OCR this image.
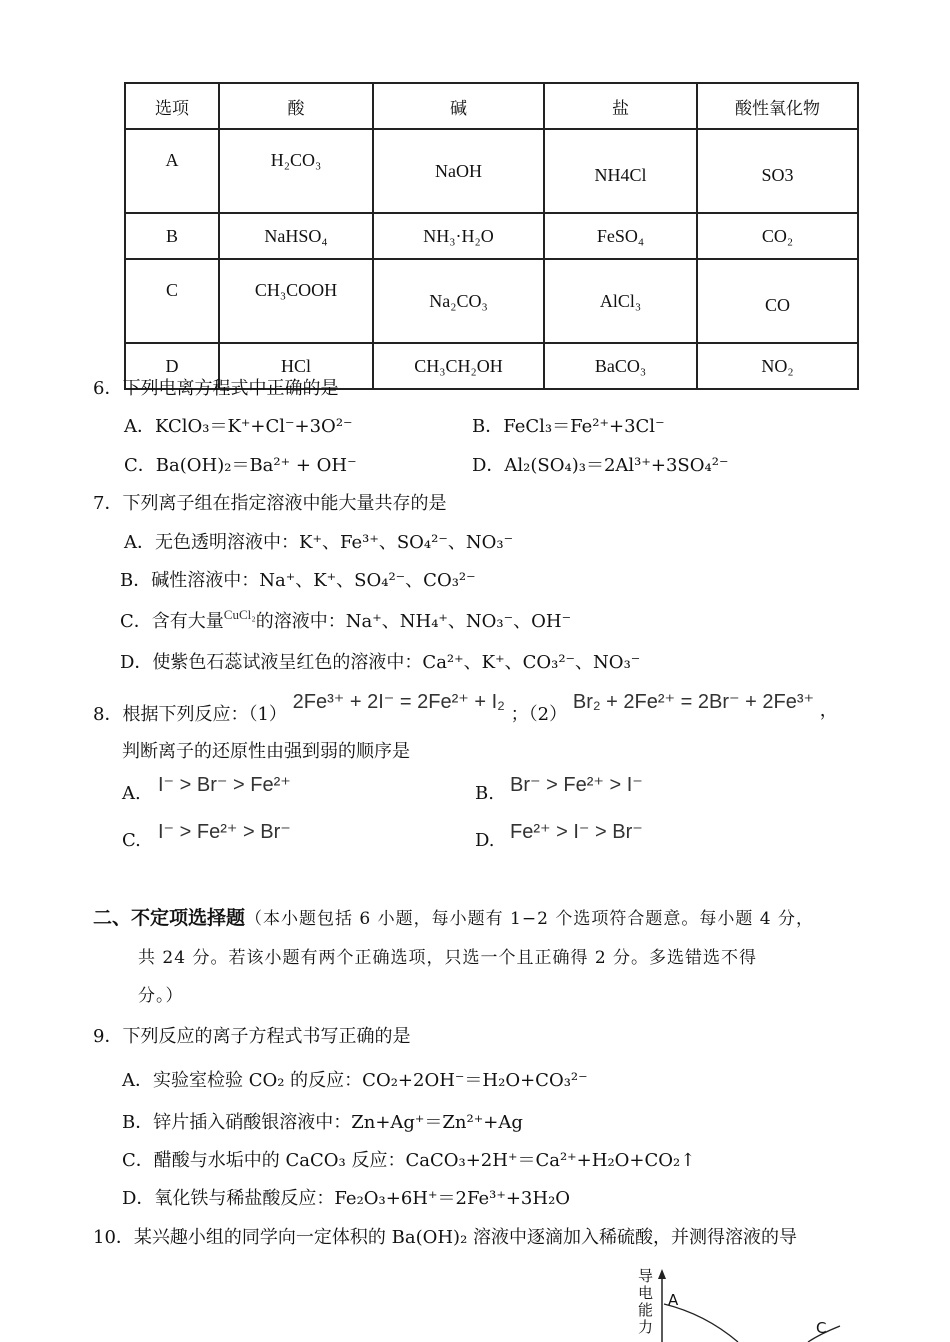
选项	酸	碱	盐	酸性氧化物
A	H₂CO₃	NaOH	NH4Cl	SO3
B	NaHSO₄	NH₃·H₂O	FeSO₄	CO₂
C	CH₃COOH	Na₂CO₃	AlCl₃	CO
D	HCl	CH₃CH₂OH	BaCO₃	NO₂
6．下列电离方程式中正确的是
A．KClO₃＝K⁺+Cl⁻+3O²⁻	B．FeCl₃＝Fe²⁺+3Cl⁻
C．Ba(OH)₂＝Ba²⁺ + OH⁻	D．Al₂(SO₄)₃＝2Al³⁺+3SO₄²⁻
7．下列离子组在指定溶液中能大量共存的是
A．无色透明溶液中：K⁺、Fe³⁺、SO₄²⁻、NO₃⁻
B．碱性溶液中：Na⁺、K⁺、SO₄²⁻、CO₃²⁻
C．含有大量$^{CuCl_2}$的溶液中：Na⁺、NH₄⁺、NO₃⁻、OH⁻
D．使紫色石蕊试液呈红色的溶液中：Ca²⁺、K⁺、CO₃²⁻、NO₃⁻
8．根据下列反应：（1） 2Fe³⁺ + 2I⁻ = 2Fe²⁺ + I₂ ；（2） Br₂ + 2Fe²⁺ = 2Br⁻ + 2Fe³⁺ ，
判断离子的还原性由强到弱的顺序是
A. I⁻ > Br⁻ > Fe²⁺	B. Br⁻ > Fe²⁺ > I⁻
C. I⁻ > Fe²⁺ > Br⁻	D. Fe²⁺ > I⁻ > Br⁻
二、不定项选择题（本小题包括 6 小题，每小题有 1−2 个选项符合题意。每小题 4 分，
共 24 分。若该小题有两个正确选项，只选一个且正确得 2 分。多选错选不得
分。）
9．下列反应的离子方程式书写正确的是
A．实验室检验 CO₂ 的反应：CO₂+2OH⁻＝H₂O+CO₃²⁻
B．锌片插入硝酸银溶液中：Zn+Ag⁺＝Zn²⁺+Ag
C．醋酸与水垢中的 CaCO₃ 反应：CaCO₃+2H⁺＝Ca²⁺+H₂O+CO₂↑
D．氧化铁与稀盐酸反应：Fe₂O₃+6H⁺＝2Fe³⁺+3H₂O
10．某兴趣小组的同学向一定体积的 Ba(OH)₂ 溶液中逐滴加入稀硫酸，并测得溶液的导
导
电
能
力
A
C
